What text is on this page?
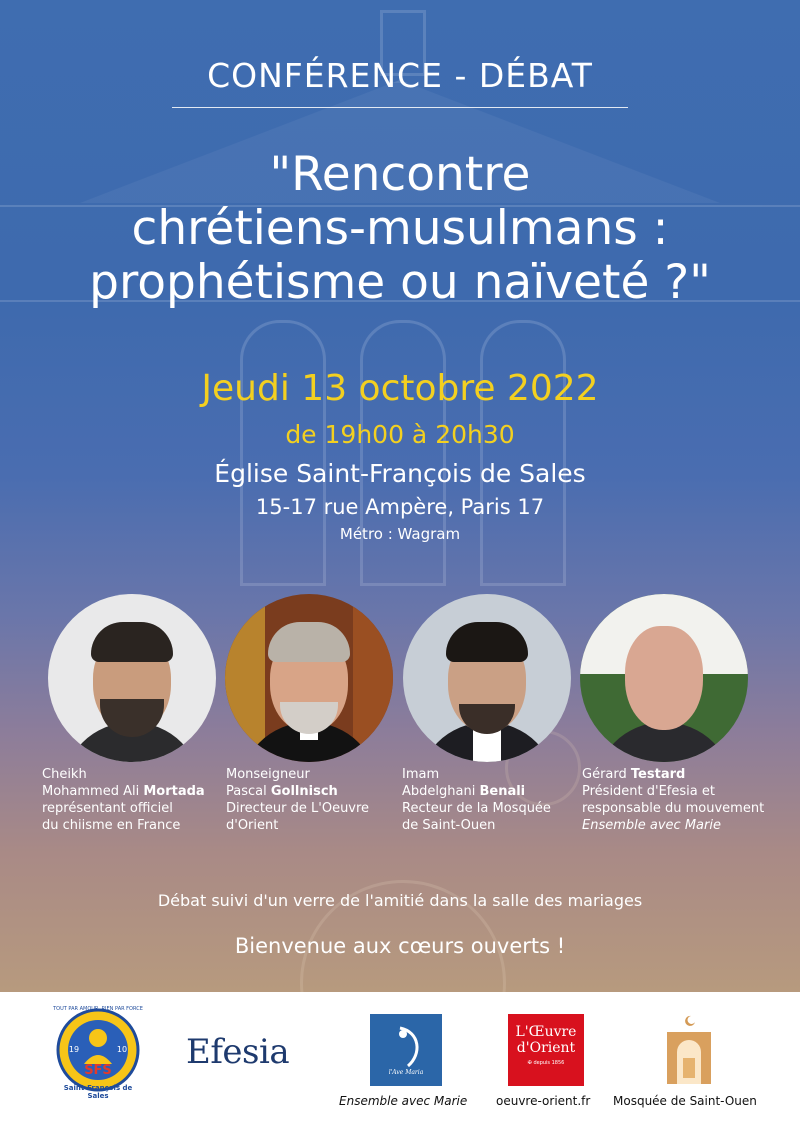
CONFÉRENCE - DÉBAT
"Rencontre
chrétiens-musulmans :
prophétisme ou naïveté ?"
Jeudi 13 octobre 2022
de 19h00 à 20h30
Église Saint-François de Sales
15-17 rue Ampère, Paris 17
Métro : Wagram
Cheikh
Mohammed Ali Mortada
représentant officiel
du chiisme en France
Monseigneur
Pascal Gollnisch
Directeur de L'Oeuvre
d'Orient
Imam
Abdelghani Benali
Recteur de la Mosquée
de Saint-Ouen
Gérard Testard
Président d'Efesia et
responsable du mouvement
Ensemble avec Marie
Débat suivi d'un verre de l'amitié dans la salle des mariages
Bienvenue aux cœurs ouverts !
SFS
19	10
TOUT PAR AMOUR, RIEN PAR FORCE
Saint-François de Sales
Efesia
l'Ave Maria
Ensemble avec Marie
L'Œuvre
d'Orient
✠ depuis 1856
oeuvre-orient.fr Mosquée de Saint-Ouen
